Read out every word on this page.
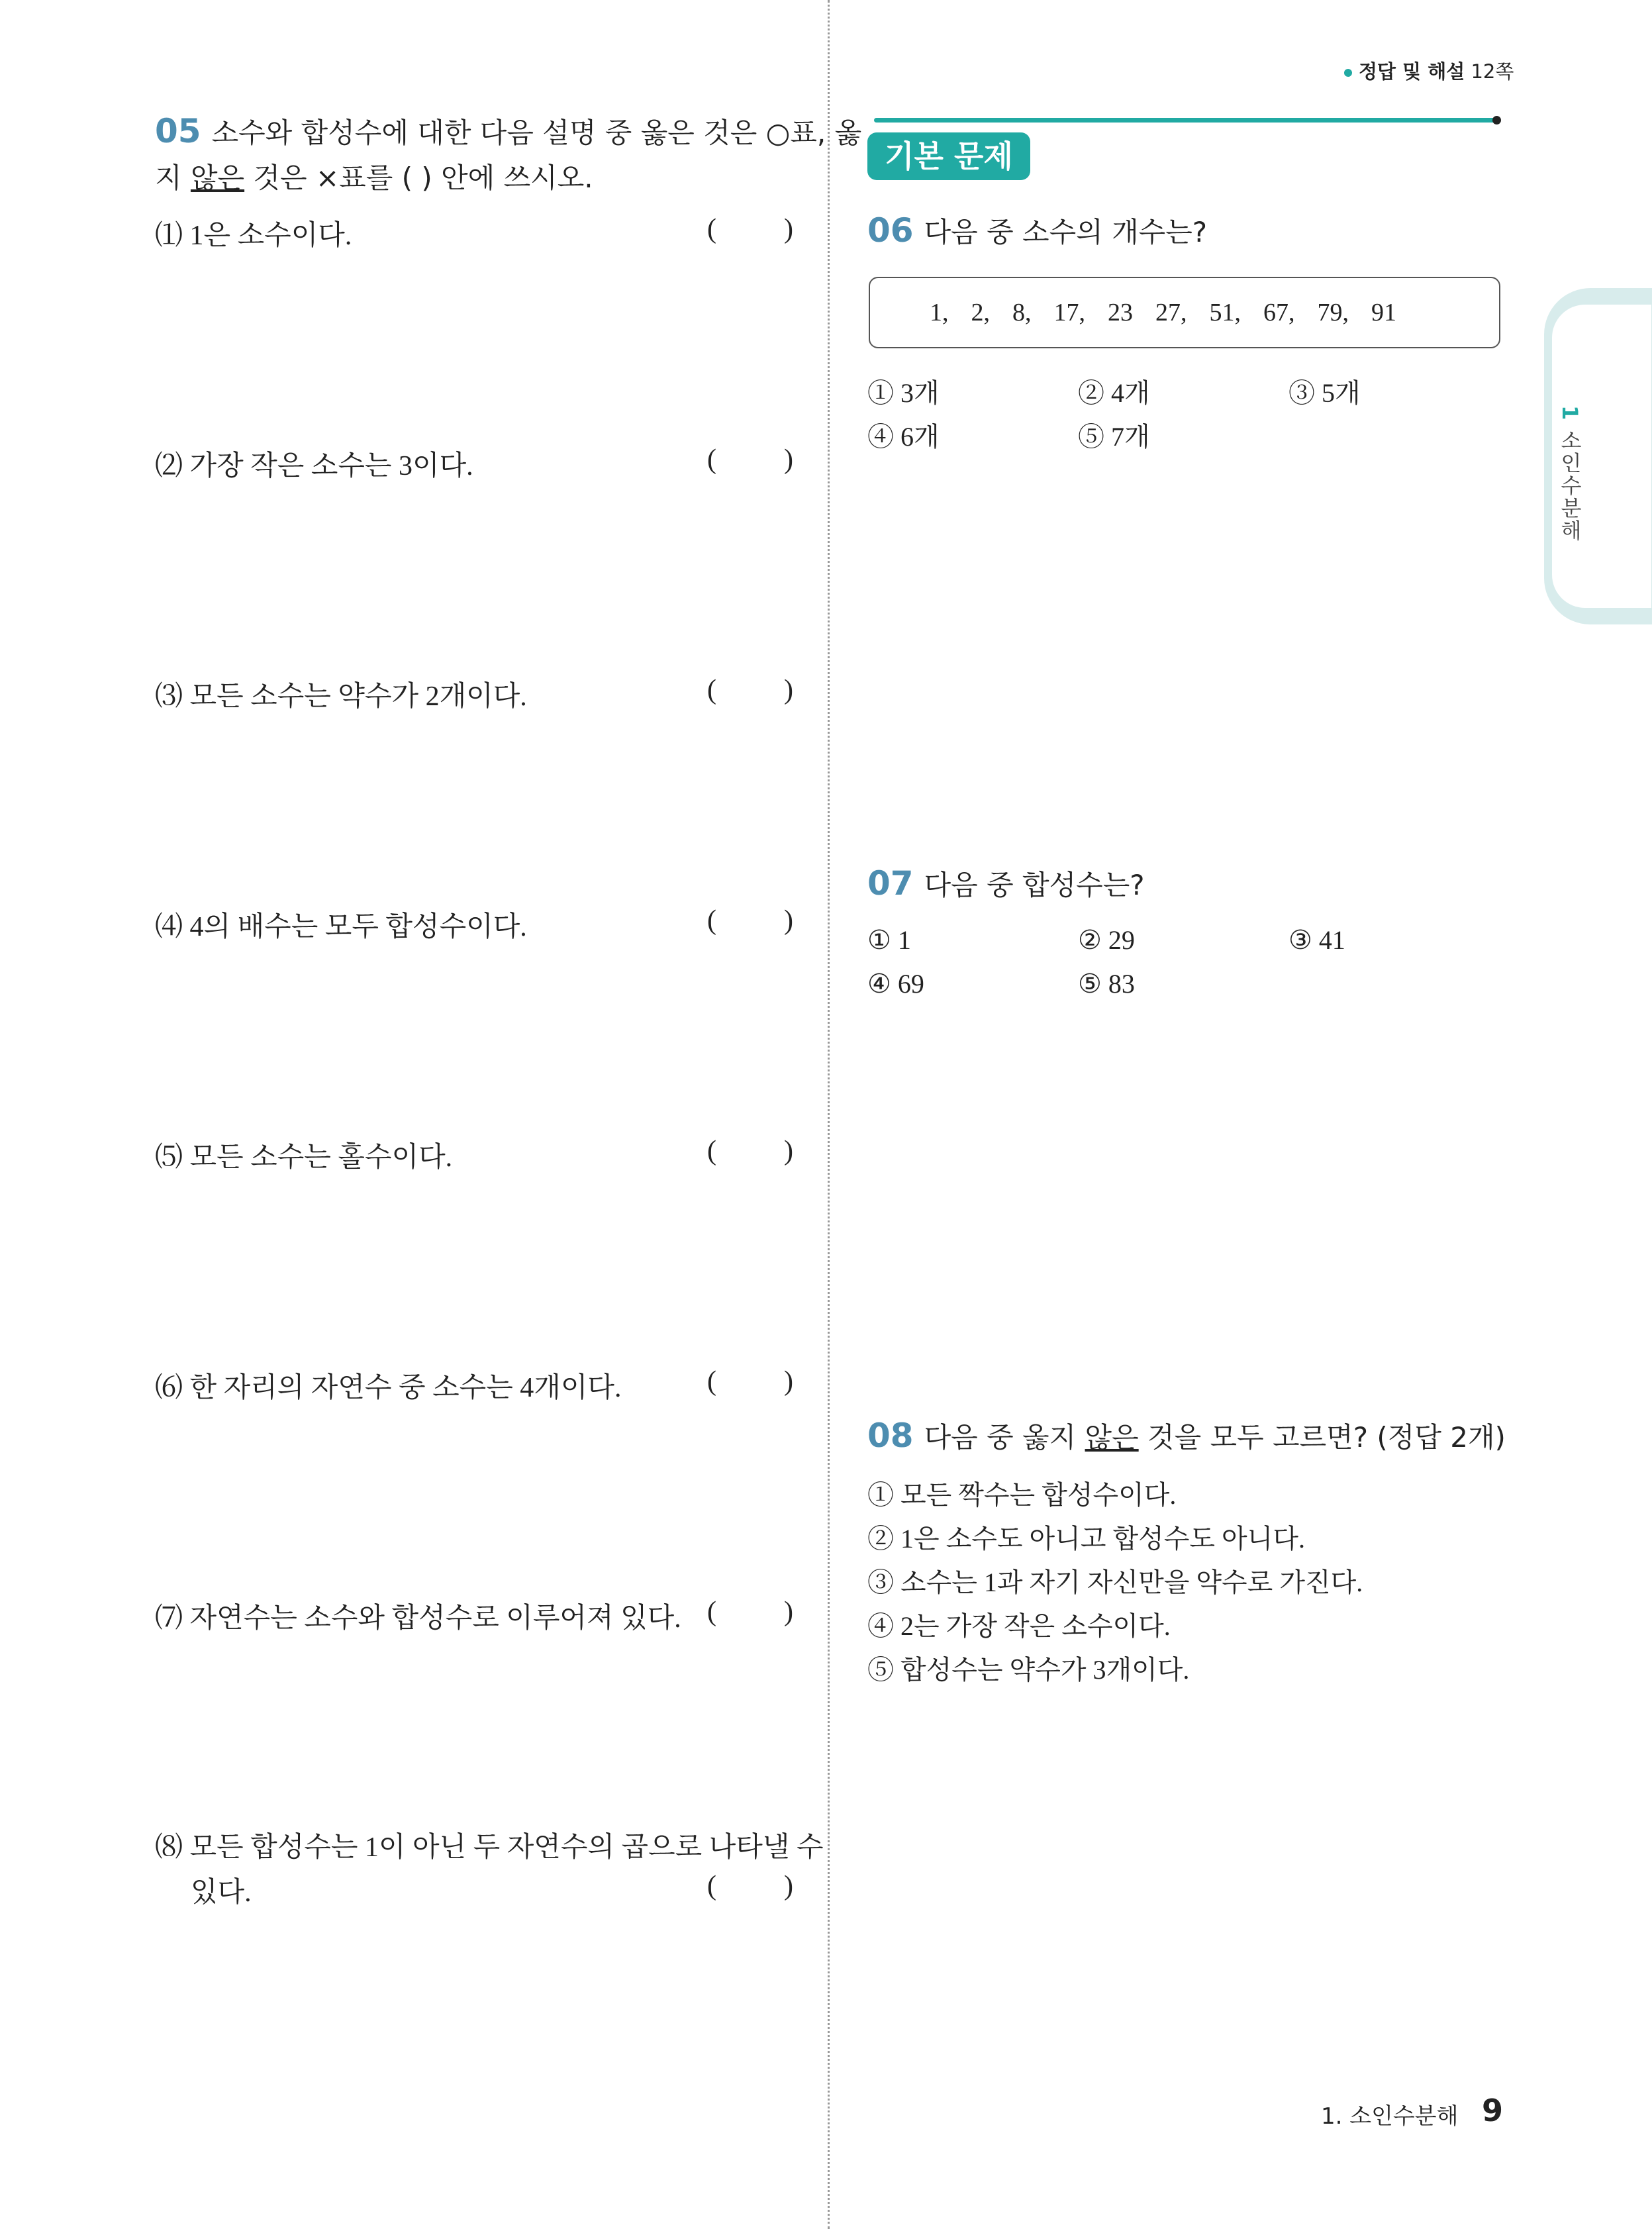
정답 및 해설 12쪽
기본 문제
1 소인수분해
05 소수와 합성수에 대한 다음 설명 중 옳은 것은 ○표, 옳
지 않은 것은 ×표를 ( ) 안에 쓰시오.
⑴ 1은 소수이다.	( )
⑵ 가장 작은 소수는 3이다.	( )
⑶ 모든 소수는 약수가 2개이다.	( )
⑷ 4의 배수는 모두 합성수이다.	( )
⑸ 모든 소수는 홀수이다.	( )
⑹ 한 자리의 자연수 중 소수는 4개이다.	( )
⑺ 자연수는 소수와 합성수로 이루어져 있다. ( )
⑻ 모든 합성수는 1이 아닌 두 자연수의 곱으로 나타낼 수
있다.	( )
06 다음 중 소수의 개수는?
1, 2, 8, 17, 23 27, 51, 67, 79, 91
① 3개	② 4개	③ 5개
④ 6개	⑤ 7개
07 다음 중 합성수는?
① 1	② 29	③ 41
④ 69	⑤ 83
08 다음 중 옳지 않은 것을 모두 고르면? (정답 2개)
① 모든 짝수는 합성수이다.
② 1은 소수도 아니고 합성수도 아니다.
③ 소수는 1과 자기 자신만을 약수로 가진다.
④ 2는 가장 작은 소수이다.
⑤ 합성수는 약수가 3개이다.
1. 소인수분해 9
